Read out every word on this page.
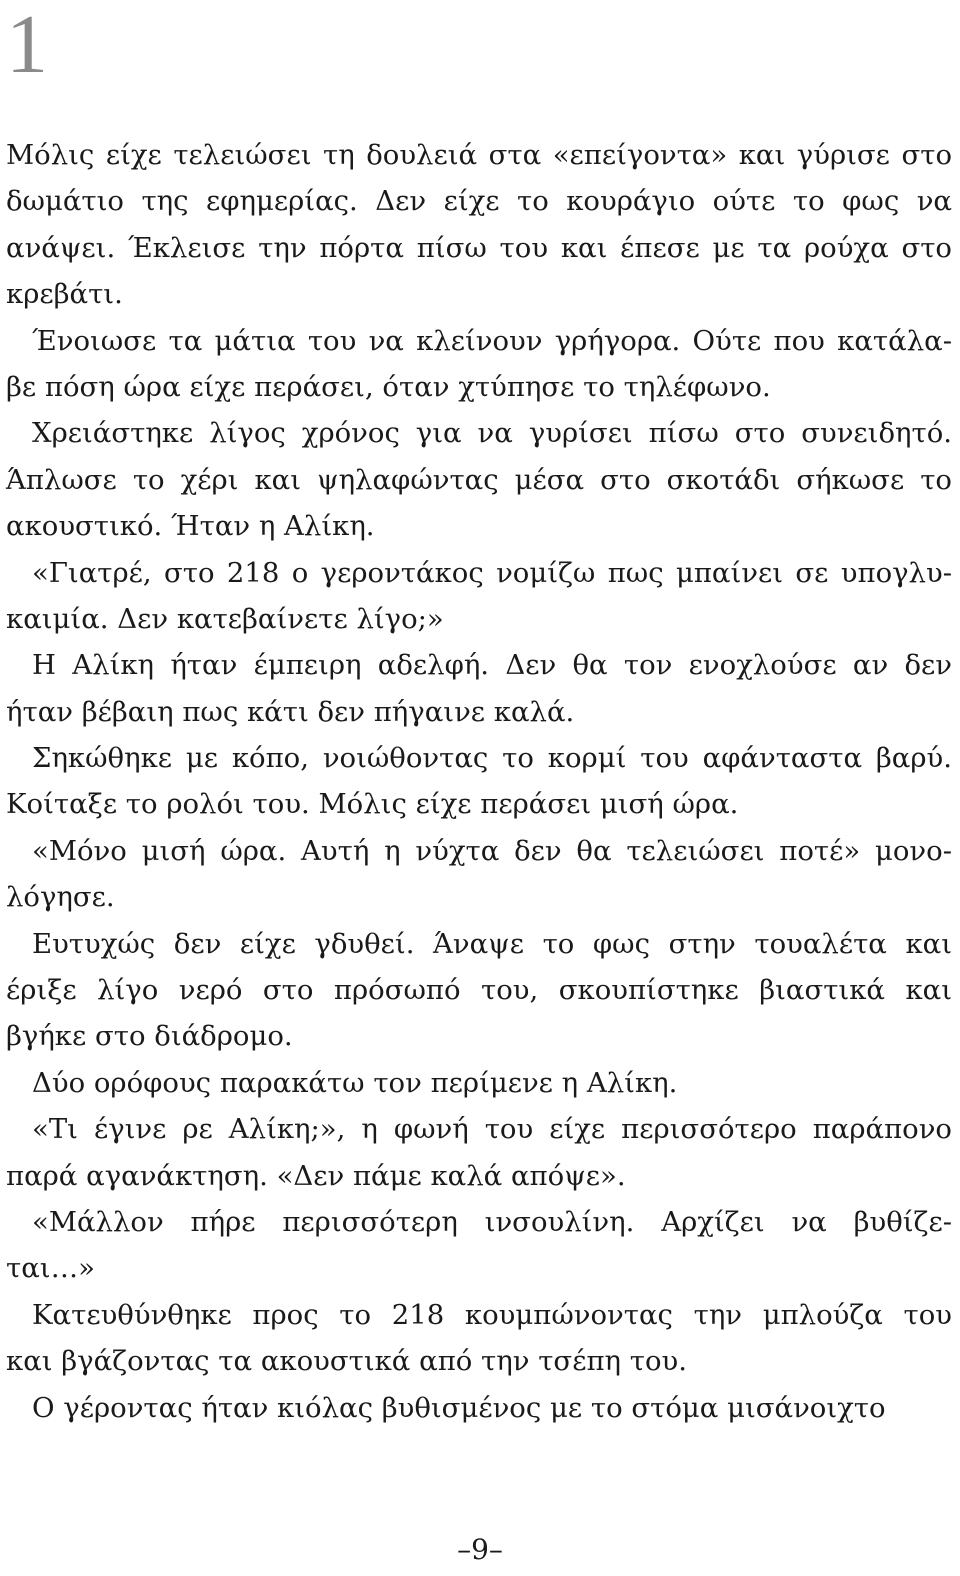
1
Μόλις είχε τελειώσει τη δουλειά στα «επείγοντα» και γύρισε στο
δωμάτιο της εφημερίας. Δεν είχε το κουράγιο ούτε το φως να
ανάψει. Έκλεισε την πόρτα πίσω του και έπεσε με τα ρούχα στο
κρεβάτι.
Ένοιωσε τα μάτια του να κλείνουν γρήγορα. Ούτε που κατάλα-
βε πόση ώρα είχε περάσει, όταν χτύπησε το τηλέφωνο.
Χρειάστηκε λίγος χρόνος για να γυρίσει πίσω στο συνειδητό.
Άπλωσε το χέρι και ψηλαφώντας μέσα στο σκοτάδι σήκωσε το
ακουστικό. Ήταν η Αλίκη.
«Γιατρέ, στο 218 ο γεροντάκος νομίζω πως μπαίνει σε υπογλυ-
καιμία. Δεν κατεβαίνετε λίγο;»
Η Αλίκη ήταν έμπειρη αδελφή. Δεν θα τον ενοχλούσε αν δεν
ήταν βέβαιη πως κάτι δεν πήγαινε καλά.
Σηκώθηκε με κόπο, νοιώθοντας το κορμί του αφάνταστα βαρύ.
Κοίταξε το ρολόι του. Μόλις είχε περάσει μισή ώρα.
«Μόνο μισή ώρα. Αυτή η νύχτα δεν θα τελειώσει ποτέ» μονο-
λόγησε.
Ευτυχώς δεν είχε γδυθεί. Άναψε το φως στην τουαλέτα και
έριξε λίγο νερό στο πρόσωπό του, σκουπίστηκε βιαστικά και
βγήκε στο διάδρομο.
Δύο ορόφους παρακάτω τον περίμενε η Αλίκη.
«Τι έγινε ρε Αλίκη;», η φωνή του είχε περισσότερο παράπονο
παρά αγανάκτηση. «Δεν πάμε καλά απόψε».
«Μάλλον πήρε περισσότερη ινσουλίνη. Αρχίζει να βυθίζε-
ται…»
Κατευθύνθηκε προς το 218 κουμπώνοντας την μπλούζα του
και βγάζοντας τα ακουστικά από την τσέπη του.
Ο γέροντας ήταν κιόλας βυθισμένος με το στόμα μισάνοιχτο
–9–
